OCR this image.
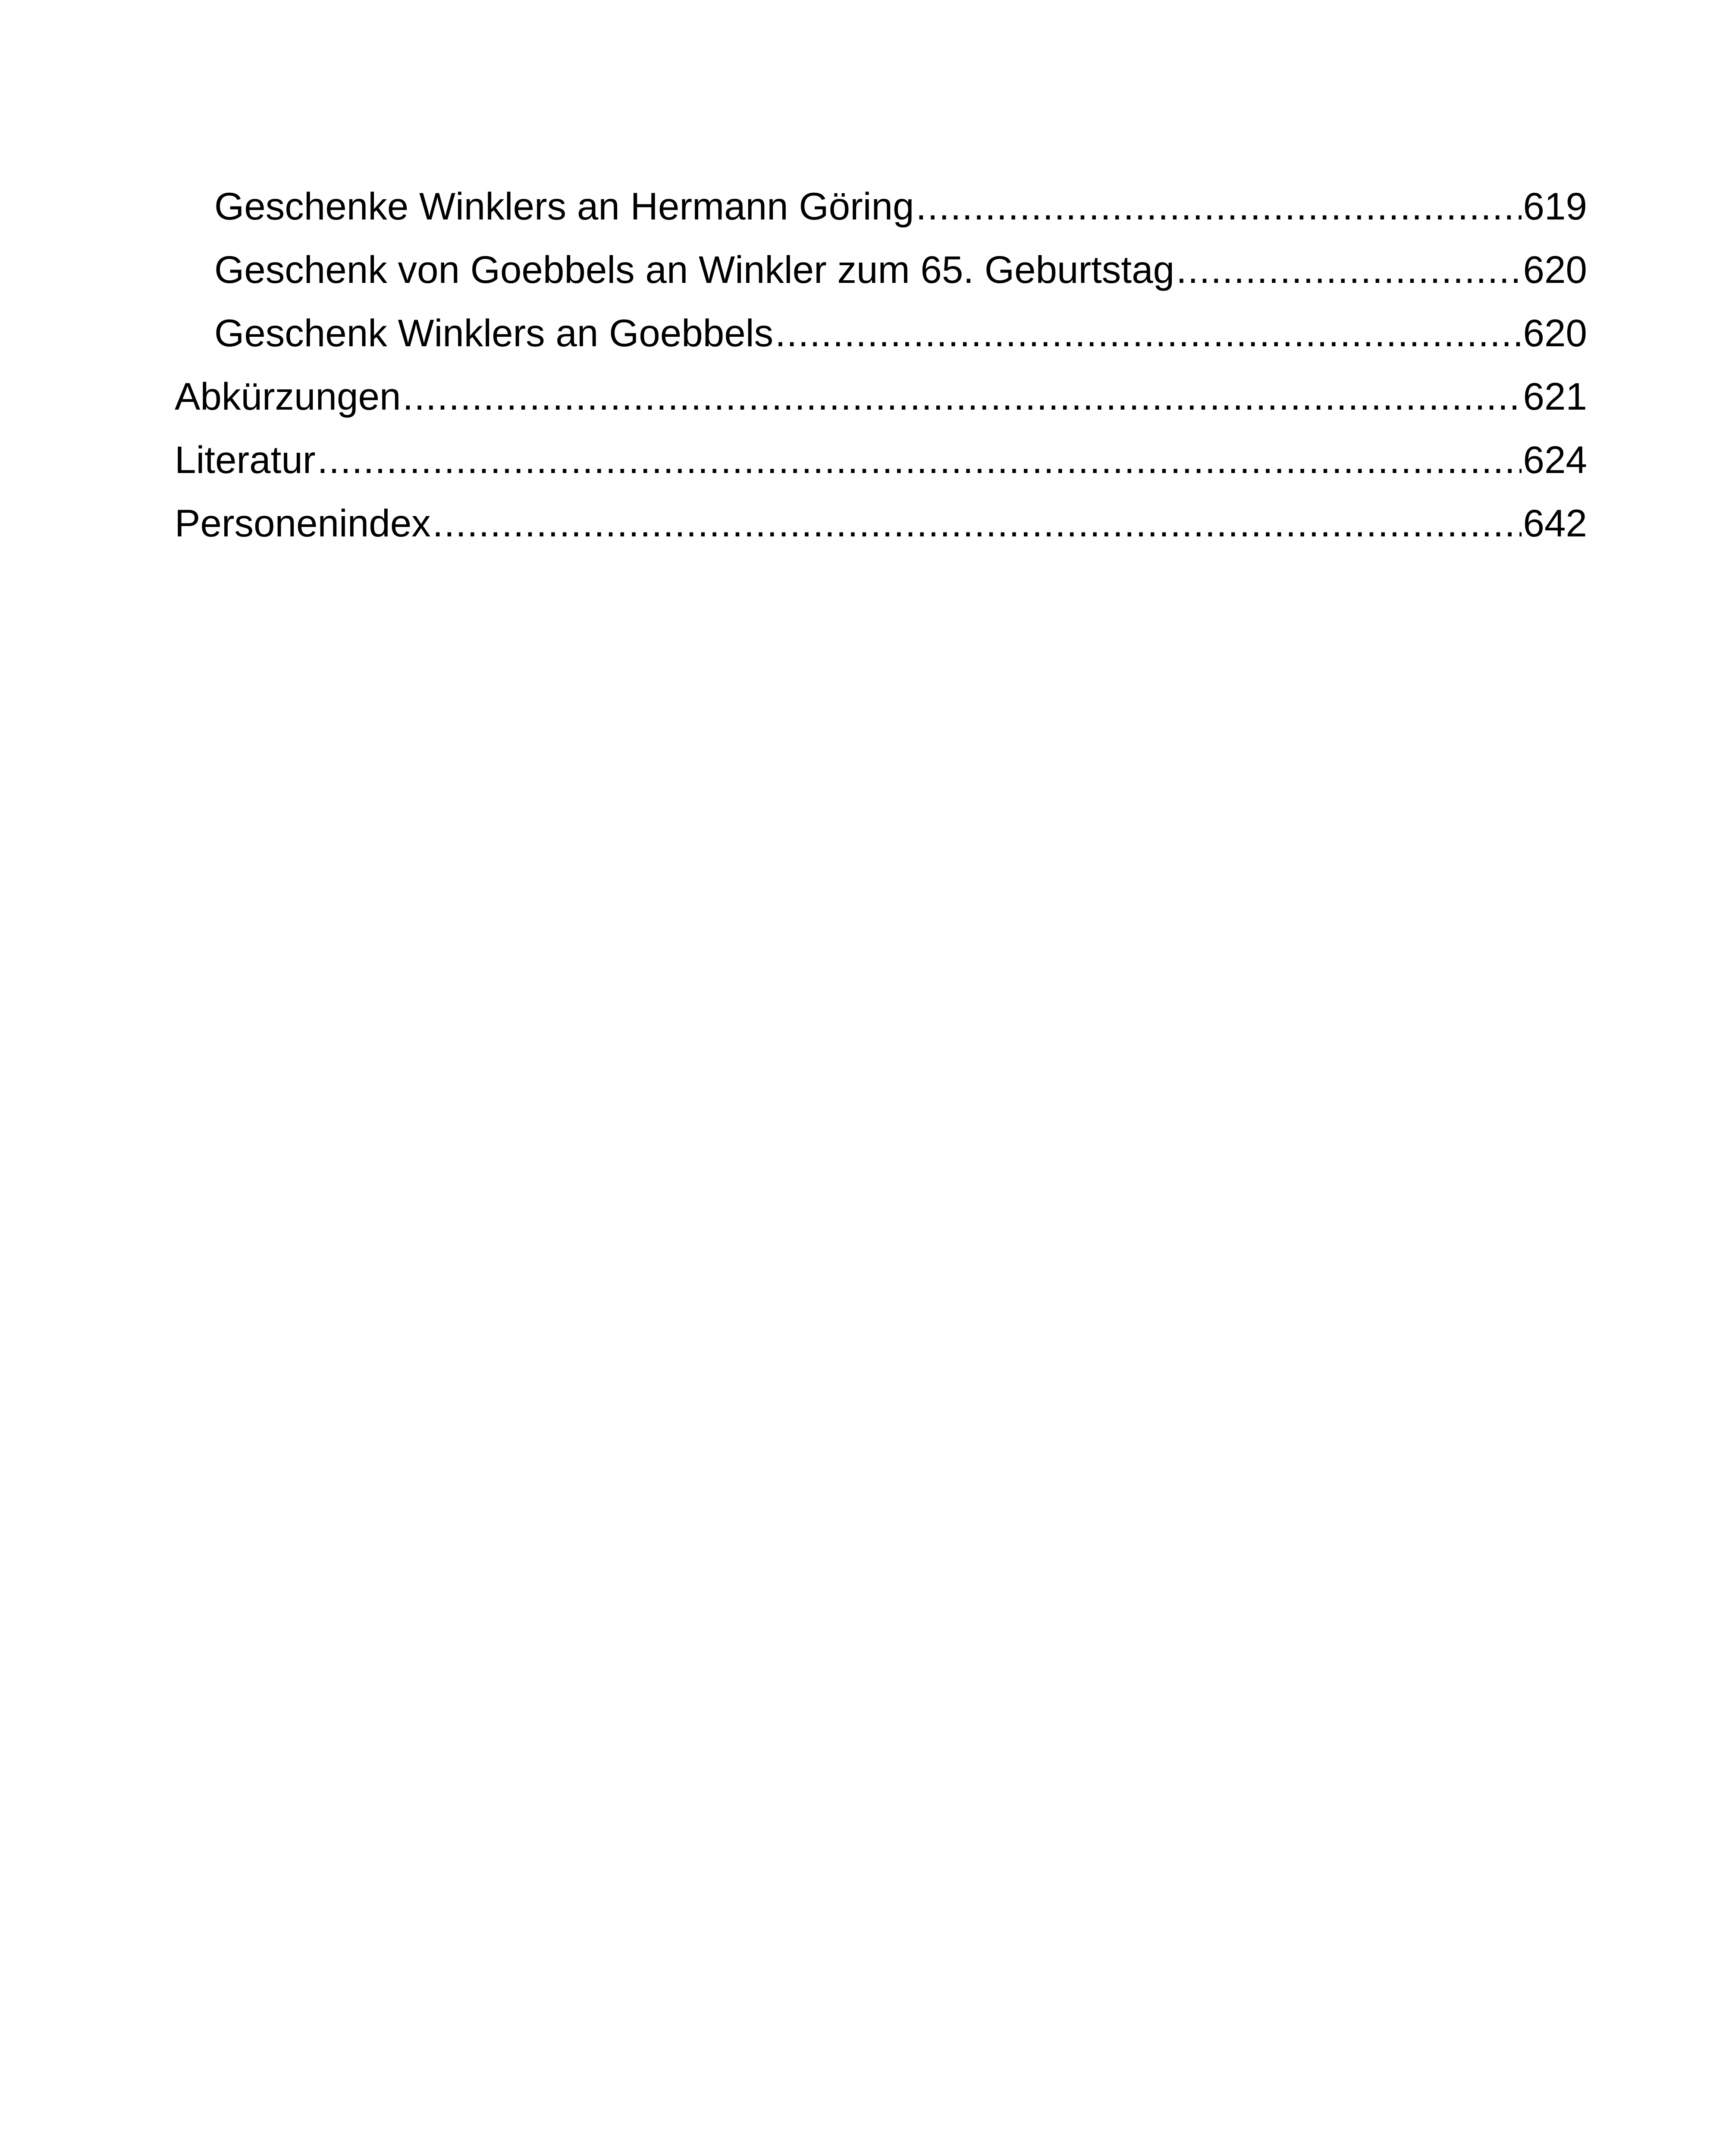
Geschenke Winklers an Hermann Göring .....	619
Geschenk von Goebbels an Winkler zum 65. Geburtstag .....	620
Geschenk Winklers an Goebbels .....	620
Abkürzungen .....	621
Literatur .....	624
Personenindex .....	642
